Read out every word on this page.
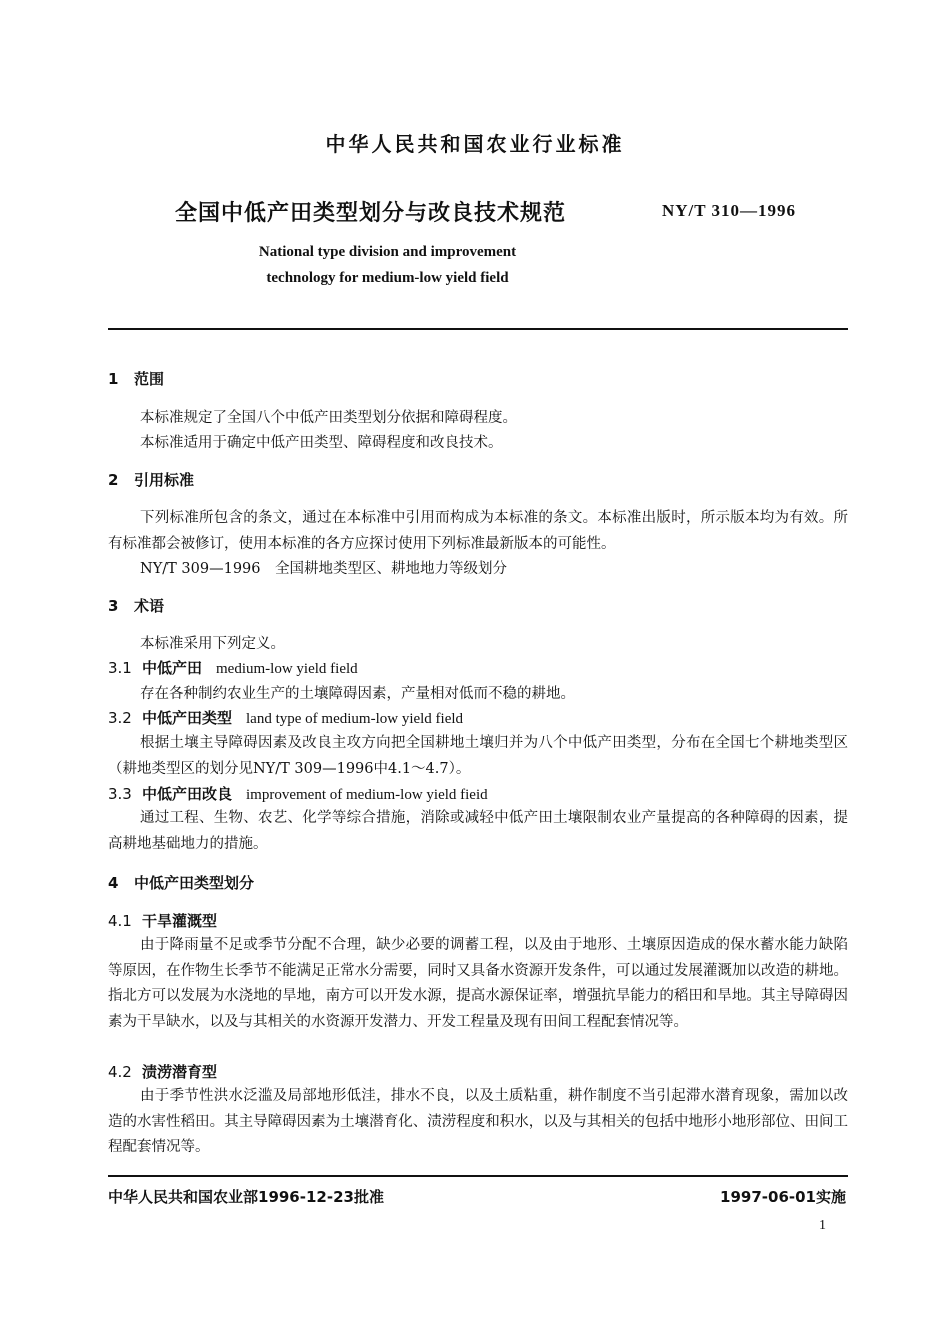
中华人民共和国农业行业标准
全国中低产田类型划分与改良技术规范	NY/T 310—1996
National type division and improvement
technology for medium-low yield field
1 范围
本标准规定了全国八个中低产田类型划分依据和障碍程度。
本标准适用于确定中低产田类型、障碍程度和改良技术。
2 引用标准
下列标准所包含的条文，通过在本标准中引用而构成为本标准的条文。本标准出版时，所示版本均为有效。所有标准都会被修订，使用本标准的各方应探讨使用下列标准最新版本的可能性。
NY/T 309—1996　全国耕地类型区、耕地地力等级划分
3 术语
本标准采用下列定义。
3.1 中低产田 medium-low yield field
存在各种制约农业生产的土壤障碍因素，产量相对低而不稳的耕地。
3.2 中低产田类型 land type of medium-low yield field
根据土壤主导障碍因素及改良主攻方向把全国耕地土壤归并为八个中低产田类型，分布在全国七个耕地类型区（耕地类型区的划分见NY/T 309—1996中4.1～4.7）。
3.3 中低产田改良 improvement of medium-low yield fieid
通过工程、生物、农艺、化学等综合措施，消除或减轻中低产田土壤限制农业产量提高的各种障碍的因素，提高耕地基础地力的措施。
4 中低产田类型划分
4.1 干旱灌溉型
由于降雨量不足或季节分配不合理，缺少必要的调蓄工程，以及由于地形、土壤原因造成的保水蓄水能力缺陷等原因，在作物生长季节不能满足正常水分需要，同时又具备水资源开发条件，可以通过发展灌溉加以改造的耕地。指北方可以发展为水浇地的旱地，南方可以开发水源，提高水源保证率，增强抗旱能力的稻田和旱地。其主导障碍因素为干旱缺水，以及与其相关的水资源开发潜力、开发工程量及现有田间工程配套情况等。
4.2 渍涝潜育型
由于季节性洪水泛滥及局部地形低洼，排水不良，以及土质粘重，耕作制度不当引起滞水潜育现象，需加以改造的水害性稻田。其主导障碍因素为土壤潜育化、渍涝程度和积水，以及与其相关的包括中地形小地形部位、田间工程配套情况等。
中华人民共和国农业部1996-12-23批准	1997-06-01实施
1
